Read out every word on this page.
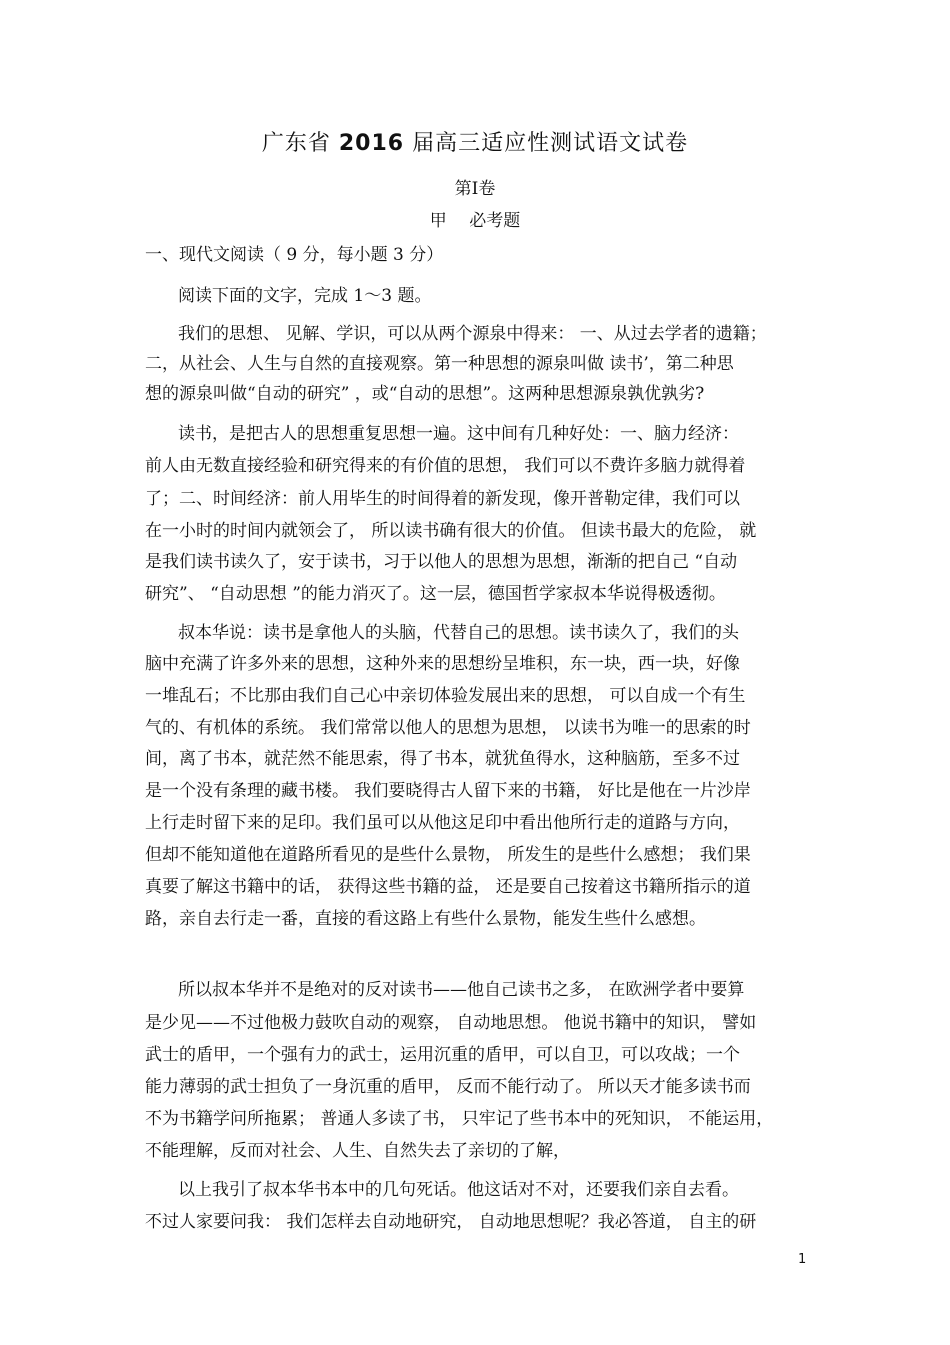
广东省 2016 届高三适应性测试语文试卷
第Ⅰ卷
甲　 必考题
一、现代文阅读（ 9 分，每小题 3 分）
阅读下面的文字，完成 1～3 题。
我们的思想、 见解、学识，可以从两个源泉中得来： 一、从过去学者的遗籍；
二，从社会、人生与自然的直接观察。第一种思想的源泉叫做 读书’，第二种思
想的源泉叫做“自动的研究” ，或“自动的思想”。这两种思想源泉孰优孰劣?
读书，是把古人的思想重复思想一遍。这中间有几种好处：一、脑力经济：
前人由无数直接经验和研究得来的有价值的思想， 我们可以不费许多脑力就得着
了；二、时间经济：前人用毕生的时间得着的新发现，像开普勒定律，我们可以
在一小时的时间内就领会了， 所以读书确有很大的价值。 但读书最大的危险， 就
是我们读书读久了，安于读书，习于以他人的思想为思想，渐渐的把自己 “自动
研究”、 “自动思想 ”的能力消灭了。这一层，德国哲学家叔本华说得极透彻。
叔本华说：读书是拿他人的头脑，代替自己的思想。读书读久了，我们的头
脑中充满了许多外来的思想，这种外来的思想纷呈堆积，东一块，西一块，好像
一堆乱石；不比那由我们自己心中亲切体验发展出来的思想， 可以自成一个有生
气的、有机体的系统。 我们常常以他人的思想为思想， 以读书为唯一的思索的时
间，离了书本，就茫然不能思索，得了书本，就犹鱼得水，这种脑筋，至多不过
是一个没有条理的藏书楼。 我们要晓得古人留下来的书籍， 好比是他在一片沙岸
上行走时留下来的足印。我们虽可以从他这足印中看出他所行走的道路与方向，
但却不能知道他在道路所看见的是些什么景物， 所发生的是些什么感想； 我们果
真要了解这书籍中的话， 获得这些书籍的益， 还是要自己按着这书籍所指示的道
路，亲自去行走一番，直接的看这路上有些什么景物，能发生些什么感想。
所以叔本华并不是绝对的反对读书——他自己读书之多， 在欧洲学者中要算
是少见——不过他极力鼓吹自动的观察， 自动地思想。 他说书籍中的知识， 譬如
武士的盾甲，一个强有力的武士，运用沉重的盾甲，可以自卫，可以攻战；一个
能力薄弱的武士担负了一身沉重的盾甲， 反而不能行动了。 所以天才能多读书而
不为书籍学问所拖累； 普通人多读了书， 只牢记了些书本中的死知识， 不能运用，
不能理解，反而对社会、人生、自然失去了亲切的了解，
以上我引了叔本华书本中的几句死话。他这话对不对，还要我们亲自去看。
不过人家要问我： 我们怎样去自动地研究， 自动地思想呢？我必答道， 自主的研
1
